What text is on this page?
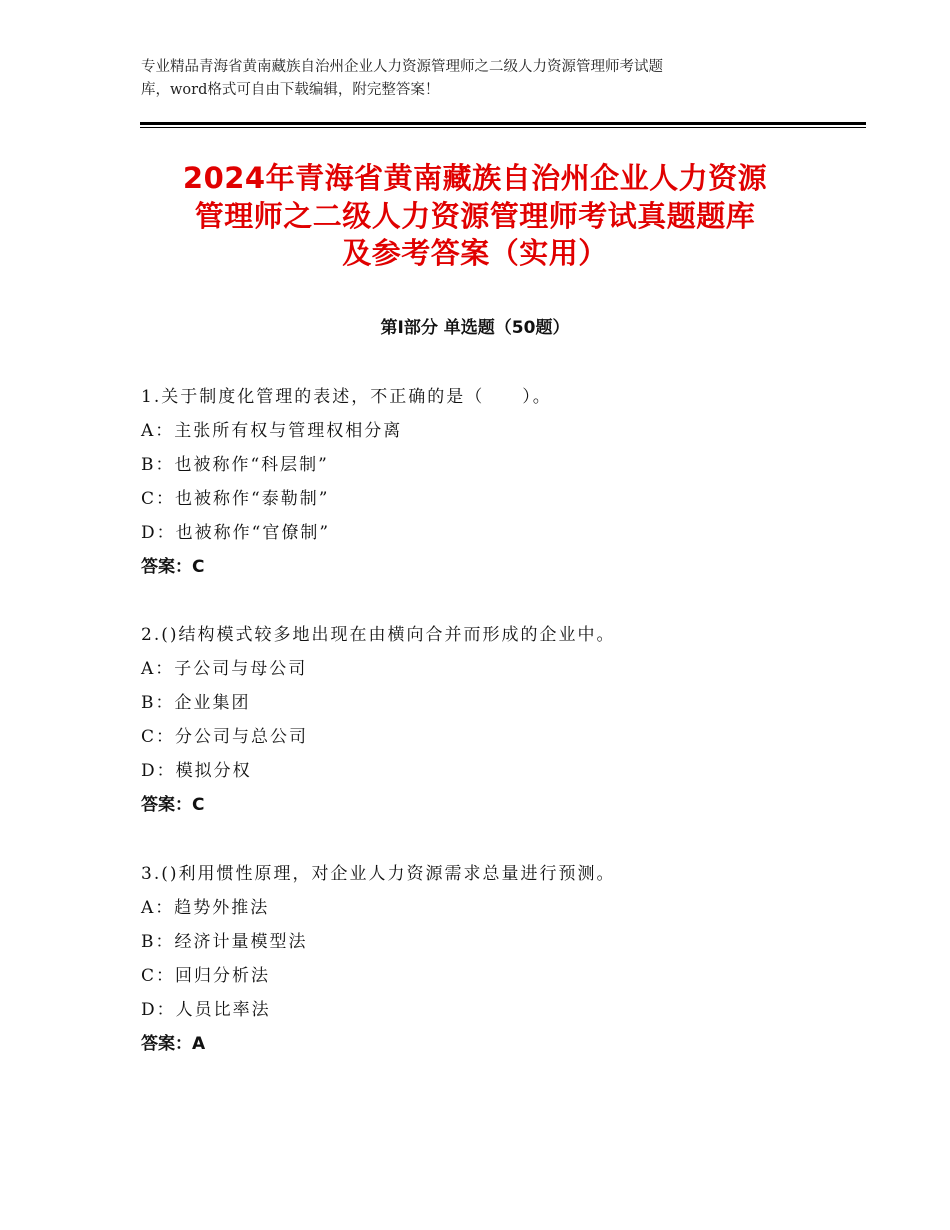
专业精品青海省黄南藏族自治州企业人力资源管理师之二级人力资源管理师考试题
库，word格式可自由下载编辑，附完整答案！
2024年青海省黄南藏族自治州企业人力资源
管理师之二级人力资源管理师考试真题题库
及参考答案（实用）
第Ⅰ部分 单选题（50题）
1.关于制度化管理的表述，不正确的是（　　）。
A：主张所有权与管理权相分离
B：也被称作“科层制”
C：也被称作“泰勒制”
D：也被称作“官僚制”
答案：C
2.()结构模式较多地出现在由横向合并而形成的企业中。
A：子公司与母公司
B：企业集团
C：分公司与总公司
D：模拟分权
答案：C
3.()利用惯性原理，对企业人力资源需求总量进行预测。
A：趋势外推法
B：经济计量模型法
C：回归分析法
D：人员比率法
答案：A
